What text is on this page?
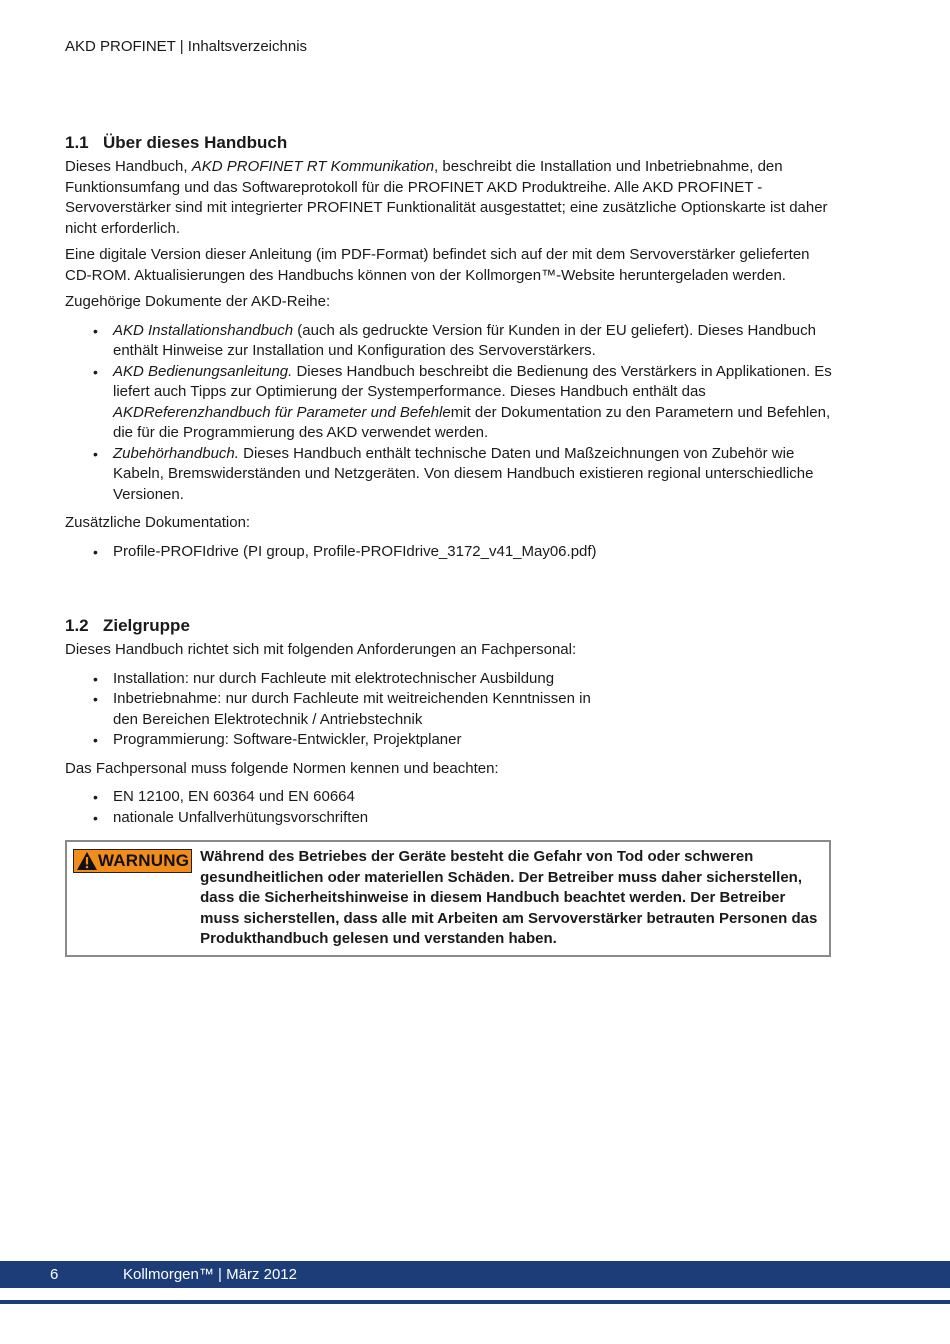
AKD PROFINET | Inhaltsverzeichnis
1.1 Über dieses Handbuch

Dieses Handbuch, AKD PROFINET RT Kommunikation, beschreibt die Installation und Inbetriebnahme, den Funktionsumfang und das Softwareprotokoll für die PROFINET AKD Produktreihe. Alle AKD PROFINET - Servoverstärker sind mit integrierter PROFINET Funktionalität ausgestattet; eine zusätzliche Optionskarte ist daher nicht erforderlich.

Eine digitale Version dieser Anleitung (im PDF-Format) befindet sich auf der mit dem Servoverstärker gelieferten CD-ROM. Aktualisierungen des Handbuchs können von der Kollmorgen™-Website heruntergeladen werden.

Zugehörige Dokumente der AKD-Reihe:

• AKD Installationshandbuch (auch als gedruckte Version für Kunden in der EU geliefert). Dieses Handbuch enthält Hinweise zur Installation und Konfiguration des Servoverstärkers.
• AKD Bedienungsanleitung. Dieses Handbuch beschreibt die Bedienung des Verstärkers in Applikationen. Es liefert auch Tipps zur Optimierung der Systemperformance. Dieses Handbuch enthält das AKDReferenzhandbuch für Parameter und Befehlemit der Dokumentation zu den Parametern und Befehlen, die für die Programmierung des AKD verwendet werden.
• Zubehörhandbuch. Dieses Handbuch enthält technische Daten und Maßzeichnungen von Zubehör wie Kabeln, Bremswiderständen und Netzgeräten. Von diesem Handbuch existieren regional unterschiedliche Versionen.

Zusätzliche Dokumentation:

• Profile-PROFIdrive (PI group, Profile-PROFIdrive_3172_v41_May06.pdf)
1.2 Zielgruppe

Dieses Handbuch richtet sich mit folgenden Anforderungen an Fachpersonal:

• Installation: nur durch Fachleute mit elektrotechnischer Ausbildung
• Inbetriebnahme: nur durch Fachleute mit weitreichenden Kenntnissen in den Bereichen Elektrotechnik / Antriebstechnik
• Programmierung: Software-Entwickler, Projektplaner

Das Fachpersonal muss folgende Normen kennen und beachten:

• EN 12100, EN 60364 und EN 60664
• nationale Unfallverhütungsvorschriften
WARNUNG Während des Betriebes der Geräte besteht die Gefahr von Tod oder schweren gesundheitlichen oder materiellen Schäden. Der Betreiber muss daher sicherstellen, dass die Sicherheitshinweise in diesem Handbuch beachtet werden. Der Betreiber muss sicherstellen, dass alle mit Arbeiten am Servoverstärker betrauten Personen das Produkthandbuch gelesen und verstanden haben.
6	Kollmorgen™ | März 2012
